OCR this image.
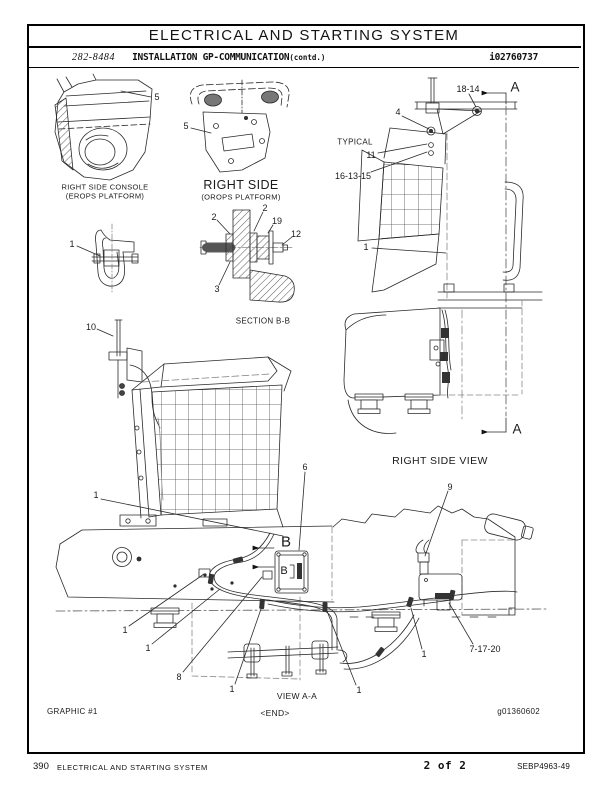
ELECTRICAL AND STARTING SYSTEM
282-8484 INSTALLATION GP-COMMUNICATION (contd.)	i02760737
RIGHT SIDE CONSOLE
(EROPS PLATFORM)
RIGHT SIDE
(OROPS PLATFORM)
SECTION B-B
TYPICAL
RIGHT SIDE VIEW
VIEW A-A
<END>
5
5
2
2
19
12
3
1
10
18-14 A
4
11
16-13-15
1
A
1
6
9
B
B
1
1
8
1	1
1	7-17-20
GRAPHIC #1	g01360602
390 ELECTRICAL AND STARTING SYSTEM	2 of 2	SEBP4963-49
